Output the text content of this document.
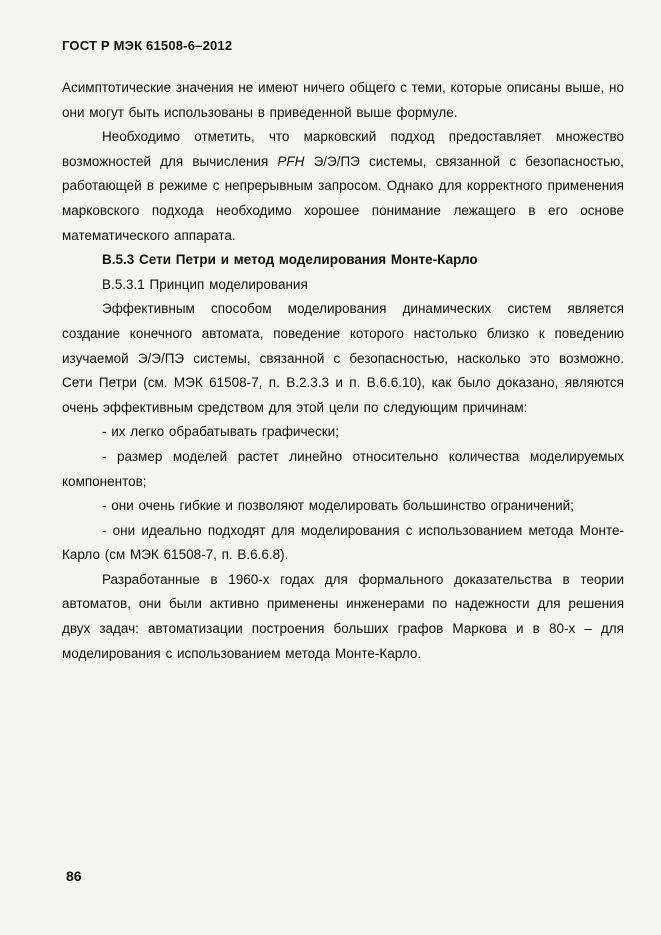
ГОСТ Р МЭК 61508-6–2012

Асимптотические значения не имеют ничего общего с теми, которые описаны выше, но они могут быть использованы в приведенной выше формуле.

Необходимо отметить, что марковский подход предоставляет множество возможностей для вычисления PFH Э/Э/ПЭ системы, связанной с безопасностью, работающей в режиме с непрерывным запросом. Однако для корректного применения марковского подхода необходимо хорошее понимание лежащего в его основе математического аппарата.

В.5.3 Сети Петри и метод моделирования Монте-Карло

В.5.3.1 Принцип моделирования

Эффективным способом моделирования динамических систем является создание конечного автомата, поведение которого настолько близко к поведению изучаемой Э/Э/ПЭ системы, связанной с безопасностью, насколько это возможно. Сети Петри (см. МЭК 61508-7, п. В.2.3.3 и п. В.6.6.10), как было доказано, являются очень эффективным средством для этой цели по следующим причинам:

- их легко обрабатывать графически;

- размер моделей растет линейно относительно количества моделируемых компонентов;

- они очень гибкие и позволяют моделировать большинство ограничений;

- они идеально подходят для моделирования с использованием метода Монте-Карло (см МЭК 61508-7, п. В.6.6.8).

Разработанные в 1960-х годах для формального доказательства в теории автоматов, они были активно применены инженерами по надежности для решения двух задач: автоматизации построения больших графов Маркова и в 80-х – для моделирования с использованием метода Монте-Карло.

86
